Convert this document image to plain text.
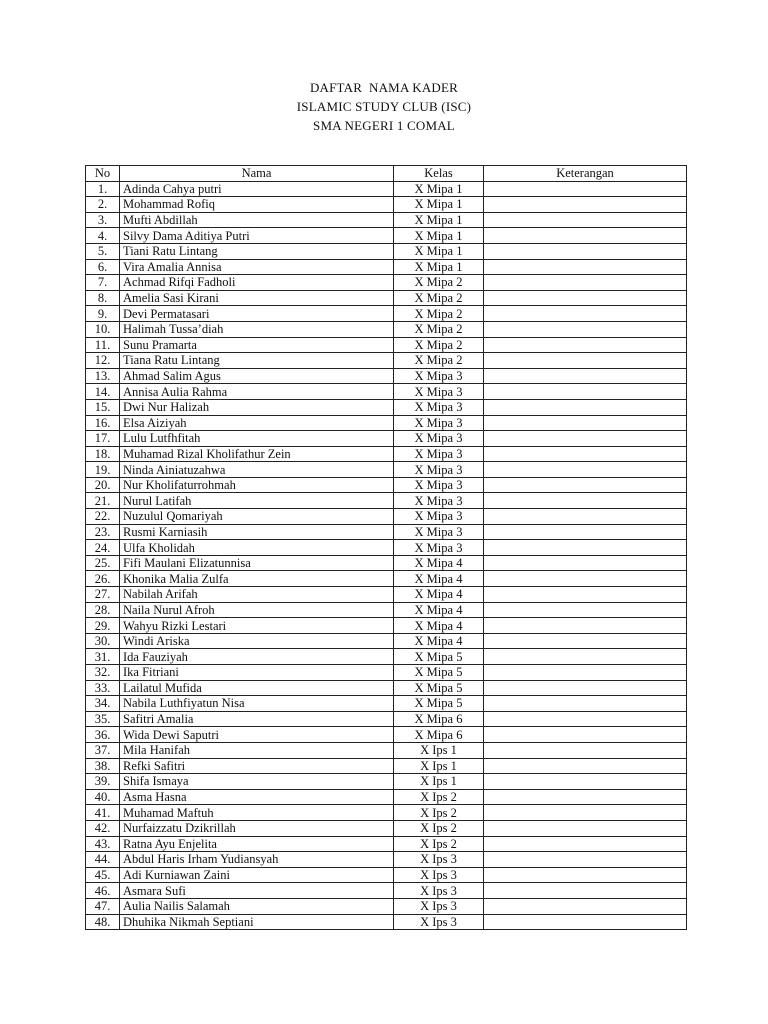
DAFTAR  NAMA KADER
ISLAMIC STUDY CLUB (ISC)
SMA NEGERI 1 COMAL
No	Nama	Kelas	Keterangan
1.	Adinda Cahya putri	X Mipa 1	
2.	Mohammad Rofiq	X Mipa 1	
3.	Mufti Abdillah	X Mipa 1	
4.	Silvy Dama Aditiya Putri	X Mipa 1	
5.	Tiani Ratu Lintang	X Mipa 1	
6.	Vira Amalia Annisa	X Mipa 1	
7.	Achmad Rifqi Fadholi	X Mipa 2	
8.	Amelia Sasi Kirani	X Mipa 2	
9.	Devi Permatasari	X Mipa 2	
10.	Halimah Tussa’diah	X Mipa 2	
11.	Sunu Pramarta	X Mipa 2	
12.	Tiana Ratu Lintang	X Mipa 2	
13.	Ahmad Salim Agus	X Mipa 3	
14.	Annisa Aulia Rahma	X Mipa 3	
15.	Dwi Nur Halizah	X Mipa 3	
16.	Elsa Aiziyah	X Mipa 3	
17.	Lulu Lutfhfitah	X Mipa 3	
18.	Muhamad Rizal Kholifathur Zein	X Mipa 3	
19.	Ninda Ainiatuzahwa	X Mipa 3	
20.	Nur Kholifaturrohmah	X Mipa 3	
21.	Nurul Latifah	X Mipa 3	
22.	Nuzulul Qomariyah	X Mipa 3	
23.	Rusmi Karniasih	X Mipa 3	
24.	Ulfa Kholidah	X Mipa 3	
25.	Fifi Maulani Elizatunnisa	X Mipa 4	
26.	Khonika Malia Zulfa	X Mipa 4	
27.	Nabilah Arifah	X Mipa 4	
28.	Naila Nurul Afroh	X Mipa 4	
29.	Wahyu Rizki Lestari	X Mipa 4	
30.	Windi Ariska	X Mipa 4	
31.	Ida Fauziyah	X Mipa 5	
32.	Ika Fitriani	X Mipa 5	
33.	Lailatul Mufida	X Mipa 5	
34.	Nabila Luthfiyatun Nisa	X Mipa 5	
35.	Safitri Amalia	X Mipa 6	
36.	Wida Dewi Saputri	X Mipa 6	
37.	Mila Hanifah	X Ips 1	
38.	Refki Safitri	X Ips 1	
39.	Shifa Ismaya	X Ips 1	
40.	Asma Hasna	X Ips 2	
41.	Muhamad Maftuh	X Ips 2	
42.	Nurfaizzatu Dzikrillah	X Ips 2	
43.	Ratna Ayu Enjelita	X Ips 2	
44.	Abdul Haris Irham Yudiansyah	X Ips 3	
45.	Adi Kurniawan Zaini	X Ips 3	
46.	Asmara Sufi	X Ips 3	
47.	Aulia Nailis Salamah	X Ips 3	
48.	Dhuhika Nikmah Septiani	X Ips 3	
